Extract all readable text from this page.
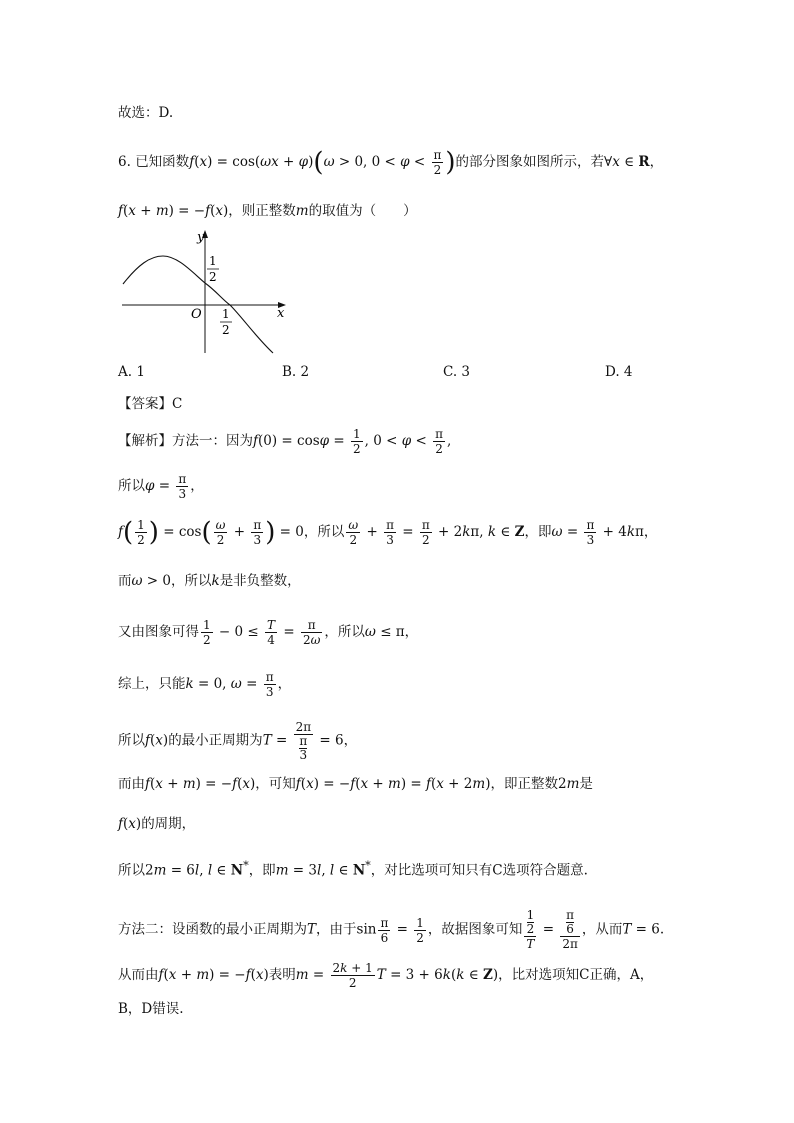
故选：D.
6. 已知函数f(x) = cos(ωx + φ)(ω > 0, $0 < \varphi < \frac{\pi}{2}$ )的部分图象如图所示，若∀x ∈ R，
f(x + m) = −f(x)，则正整数m的取值为（　　）
y
x
O
1
2
1
2
A. 1	B. 2	C. 3	D. 4
【答案】C
【解析】方法一：因为$f(0) = \cos\varphi = \frac{1}{2}$ , $0 < \varphi < \frac{\pi}{2}$ ,
所以$\varphi = \frac{\pi}{3}$ ，
$f( \frac{1}{2}$ ) = $\cos( \frac{\omega}{2} + \frac{\pi}{3}$ ) = 0，所以 $\frac{\omega}{2} + \frac{\pi}{3} = \frac{\pi}{2} + 2k\pi$, k ∈ Z，即$\omega = \frac{\pi}{3} + 4k\pi$，
而ω > 0，所以k是非负整数，
又由图象可得 $\frac{1}{2} - 0 \le \frac{T}{4} = \frac{\pi}{2\omega}$ ，所以ω ≤ π，
综上，只能k = 0, $\omega = \frac{\pi}{3}$ ，
所以f(x)的最小正周期为$T = \frac{2\pi}{\frac{\pi}{3}} = 6$，
而由f(x + m) = −f(x)，可知f(x) = −f(x + m) = f(x + 2m)，即正整数2m是
f(x)的周期，
所以2m = 6l, l ∈ N*，即m = 3l, l ∈ N*，对比选项可知只有C选项符合题意.
方法二：设函数的最小正周期为T，由于$\sin \frac{\pi}{6} = \frac{1}{2}$ ，故据图象可知 $\frac{\frac{1}{2}}{T} = \frac{\frac{\pi}{6}}{2\pi}$ ，从而T = 6.
从而由f(x + m) = −f(x)表明$m = \frac{2k + 1}{2}$ T = 3 + 6k(k ∈ Z)，比对选项知C正确，A，
B，D错误.
